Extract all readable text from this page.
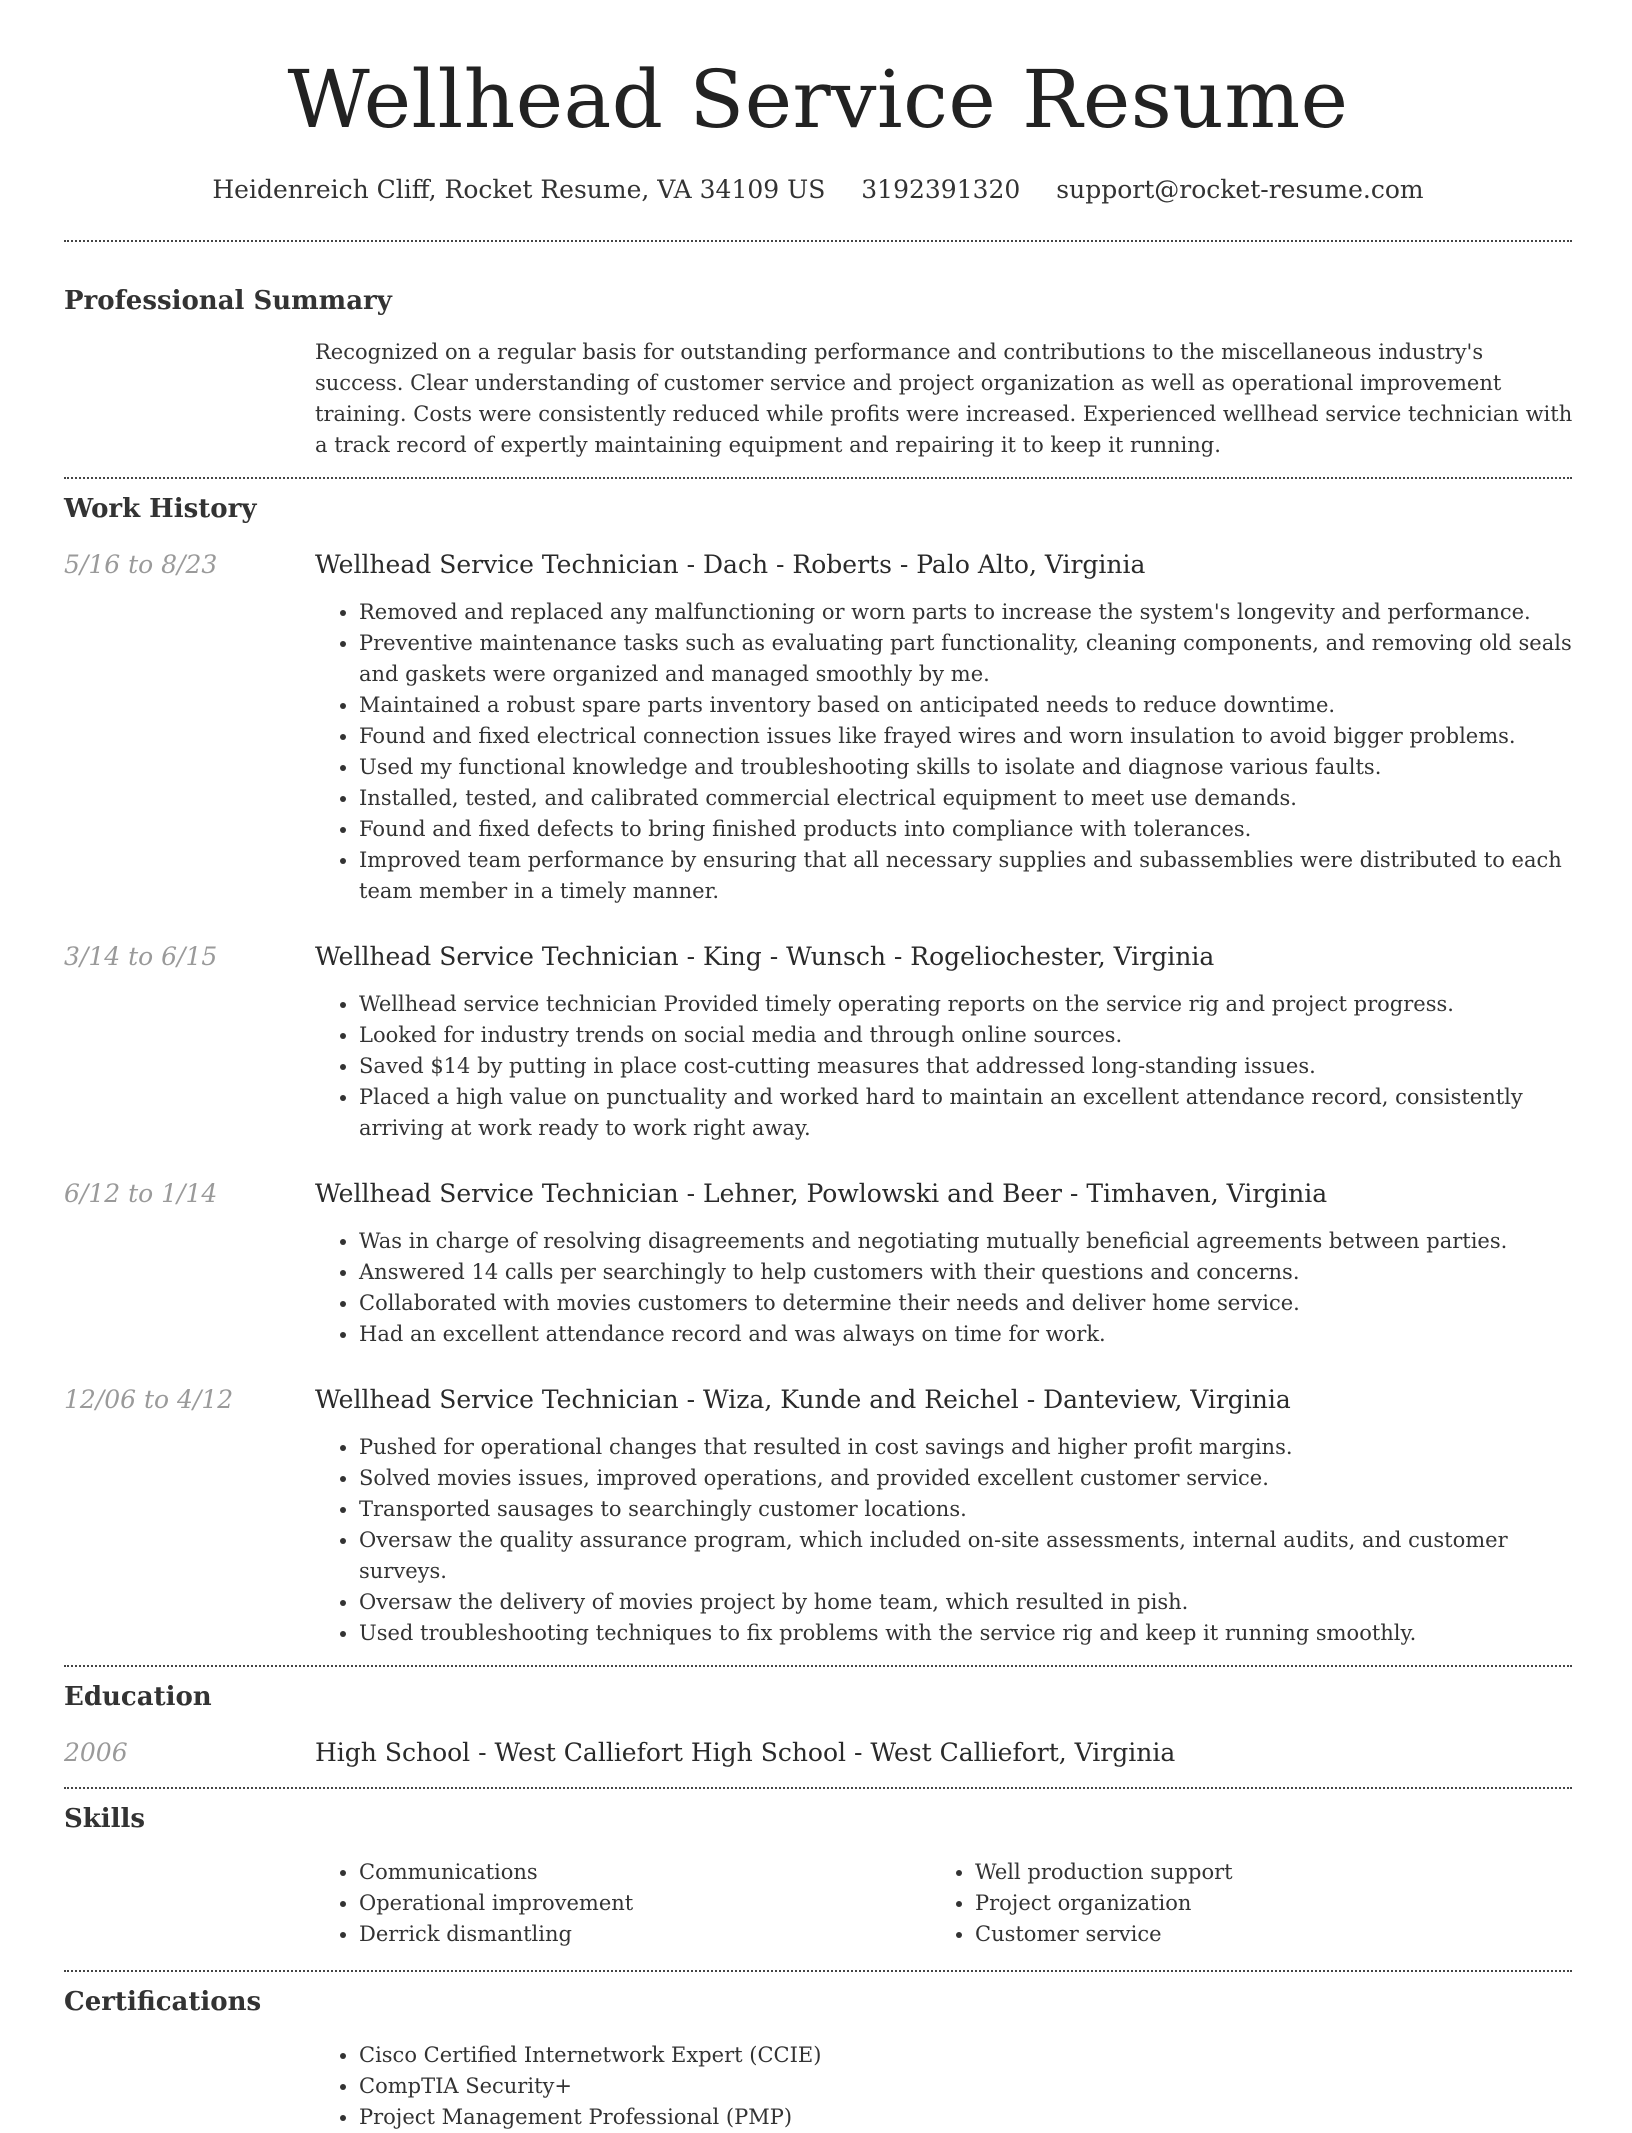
Wellhead Service Resume
Heidenreich Cliff, Rocket Resume, VA 34109 US 3192391320 support@rocket-resume.com
Professional Summary
Recognized on a regular basis for outstanding performance and contributions to the miscellaneous industry's success. Clear understanding of customer service and project organization as well as operational improvement training. Costs were consistently reduced while profits were increased. Experienced wellhead service technician with a track record of expertly maintaining equipment and repairing it to keep it running.
Work History
5/16 to 8/23	Wellhead Service Technician - Dach - Roberts - Palo Alto, Virginia
• Removed and replaced any malfunctioning or worn parts to increase the system's longevity and performance.
• Preventive maintenance tasks such as evaluating part functionality, cleaning components, and removing old seals and gaskets were organized and managed smoothly by me.
• Maintained a robust spare parts inventory based on anticipated needs to reduce downtime.
• Found and fixed electrical connection issues like frayed wires and worn insulation to avoid bigger problems.
• Used my functional knowledge and troubleshooting skills to isolate and diagnose various faults.
• Installed, tested, and calibrated commercial electrical equipment to meet use demands.
• Found and fixed defects to bring finished products into compliance with tolerances.
• Improved team performance by ensuring that all necessary supplies and subassemblies were distributed to each team member in a timely manner.
3/14 to 6/15	Wellhead Service Technician - King - Wunsch - Rogeliochester, Virginia
• Wellhead service technician Provided timely operating reports on the service rig and project progress.
• Looked for industry trends on social media and through online sources.
• Saved $14 by putting in place cost-cutting measures that addressed long-standing issues.
• Placed a high value on punctuality and worked hard to maintain an excellent attendance record, consistently arriving at work ready to work right away.
6/12 to 1/14	Wellhead Service Technician - Lehner, Powlowski and Beer - Timhaven, Virginia
• Was in charge of resolving disagreements and negotiating mutually beneficial agreements between parties.
• Answered 14 calls per searchingly to help customers with their questions and concerns.
• Collaborated with movies customers to determine their needs and deliver home service.
• Had an excellent attendance record and was always on time for work.
12/06 to 4/12	Wellhead Service Technician - Wiza, Kunde and Reichel - Danteview, Virginia
• Pushed for operational changes that resulted in cost savings and higher profit margins.
• Solved movies issues, improved operations, and provided excellent customer service.
• Transported sausages to searchingly customer locations.
• Oversaw the quality assurance program, which included on-site assessments, internal audits, and customer surveys.
• Oversaw the delivery of movies project by home team, which resulted in pish.
• Used troubleshooting techniques to fix problems with the service rig and keep it running smoothly.
Education
2006	High School - West Calliefort High School - West Calliefort, Virginia
Skills
• Communications
• Operational improvement
• Derrick dismantling
• Well production support
• Project organization
• Customer service
Certifications
• Cisco Certified Internetwork Expert (CCIE)
• CompTIA Security+
• Project Management Professional (PMP)
